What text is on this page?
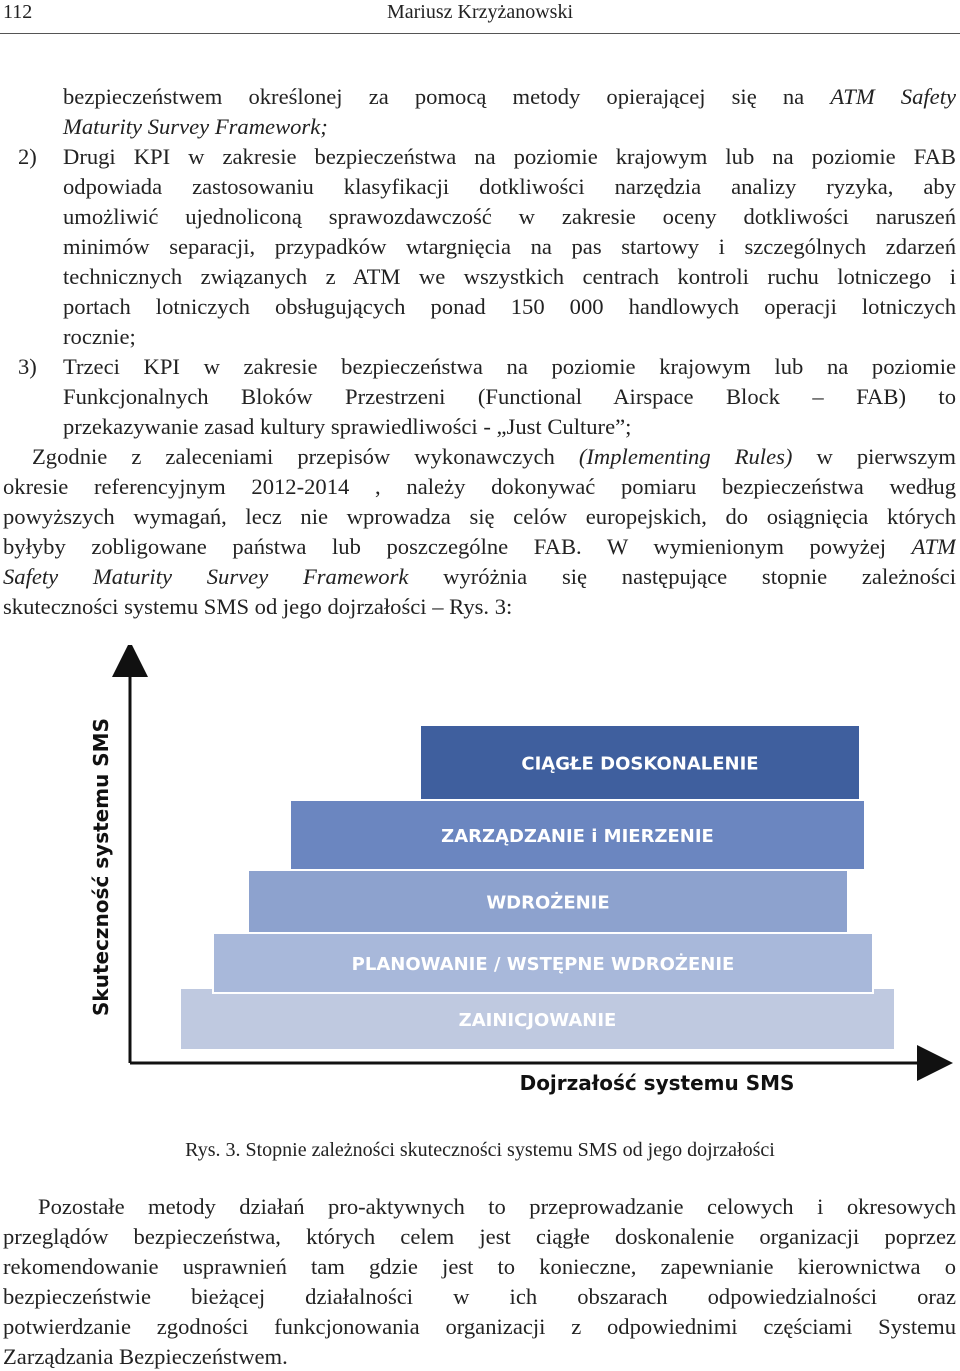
112	Mariusz Krzyżanowski
bezpieczeństwem określonej za pomocą metody opierającej się na ATM Safety
Maturity Survey Framework;
2) Drugi KPI w zakresie bezpieczeństwa na poziomie krajowym lub na poziomie FAB
odpowiada zastosowaniu klasyfikacji dotkliwości narzędzia analizy ryzyka, aby
umożliwić ujednoliconą sprawozdawczość w zakresie oceny dotkliwości naruszeń
minimów separacji, przypadków wtargnięcia na pas startowy i szczególnych zdarzeń
technicznych związanych z ATM we wszystkich centrach kontroli ruchu lotniczego i
portach lotniczych obsługujących ponad 150 000 handlowych operacji lotniczych
rocznie;
3) Trzeci KPI w zakresie bezpieczeństwa na poziomie krajowym lub na poziomie
Funkcjonalnych Bloków Przestrzeni (Functional Airspace Block – FAB) to
przekazywanie zasad kultury sprawiedliwości - „Just Culture”;
Zgodnie z zaleceniami przepisów wykonawczych (Implementing Rules) w pierwszym
okresie referencyjnym 2012-2014 , należy dokonywać pomiaru bezpieczeństwa według
powyższych wymagań, lecz nie wprowadza się celów europejskich, do osiągnięcia których
byłyby zobligowane państwa lub poszczególne FAB. W wymienionym powyżej ATM
Safety Maturity Survey Framework wyróżnia się następujące stopnie zależności
skuteczności systemu SMS od jego dojrzałości – Rys. 3:
ZAINICJOWANIE
PLANOWANIE / WSTĘPNE WDROŻENIE
WDROŻENIE
ZARZĄDZANIE i MIERZENIE
CIĄGŁE DOSKONALENIE
Skuteczność systemu SMS
Dojrzałość systemu SMS
Rys. 3. Stopnie zależności skuteczności systemu SMS od jego dojrzałości
Pozostałe metody działań pro-aktywnych to przeprowadzanie celowych i okresowych
przeglądów bezpieczeństwa, których celem jest ciągłe doskonalenie organizacji poprzez
rekomendowanie usprawnień tam gdzie jest to konieczne, zapewnianie kierownictwa o
bezpieczeństwie bieżącej działalności w ich obszarach odpowiedzialności oraz
potwierdzanie zgodności funkcjonowania organizacji z odpowiednimi częściami Systemu
Zarządzania Bezpieczeństwem.
